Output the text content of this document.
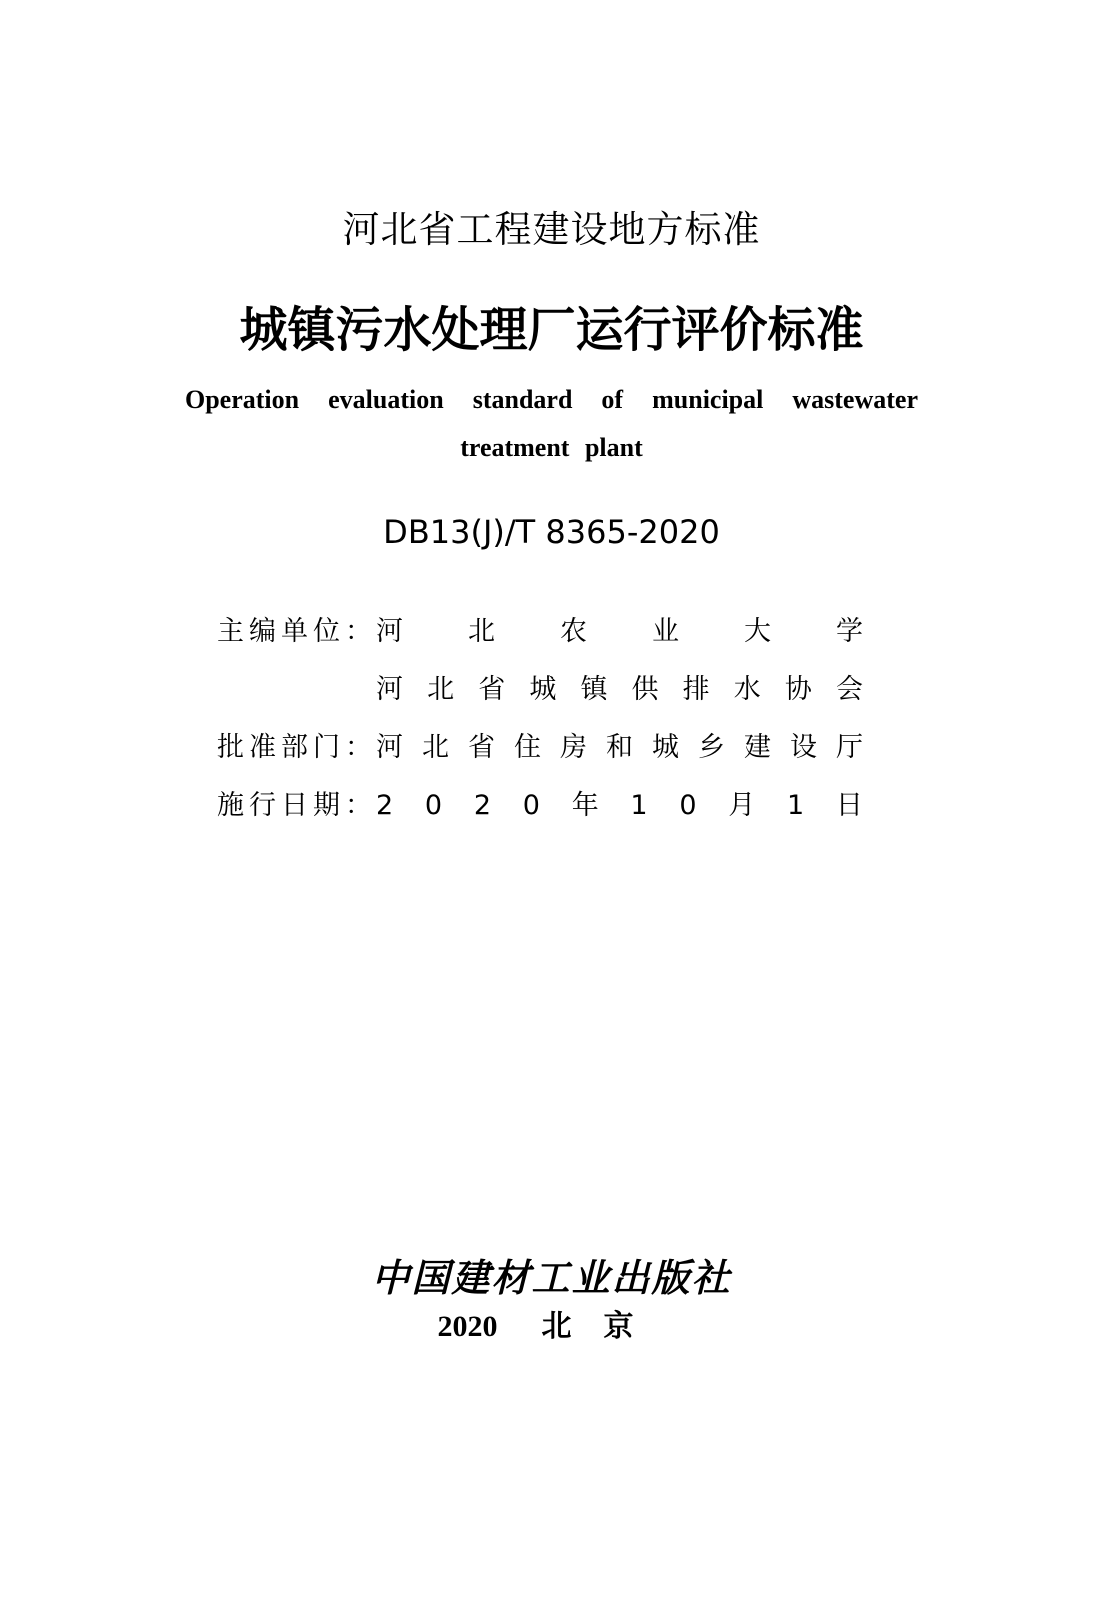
河北省工程建设地方标准
城镇污水处理厂运行评价标准
Operation evaluation standard of municipal wastewater
treatment plant
DB13(J)/T 8365-2020
主编单位： 河 北 农 业 大 学
河 北 省 城 镇 供 排 水 协 会
批准部门： 河 北 省 住 房 和 城 乡 建 设 厅
施行日期： 2 0 2 0 年 1 0 月 1 日
中国建材工业出版社
2020 北京
